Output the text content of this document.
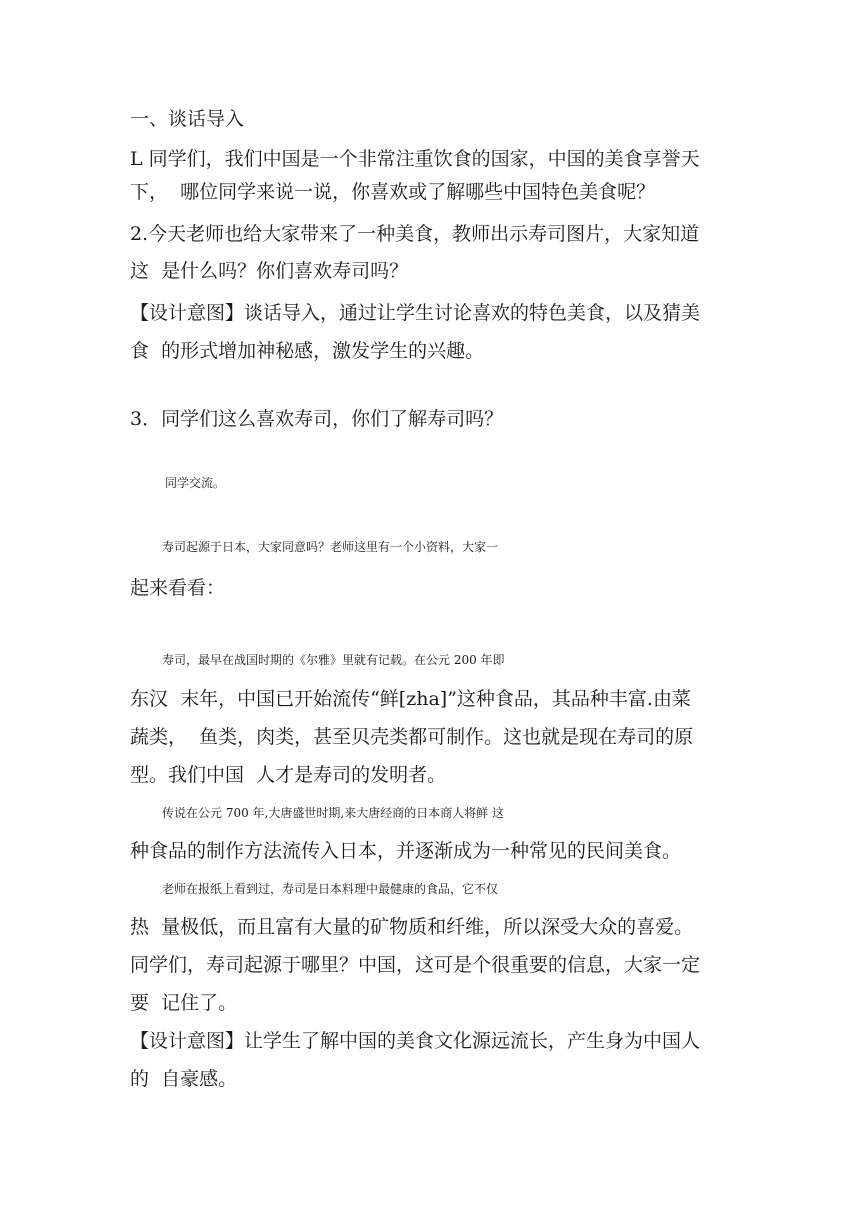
一、谈话导入
L 同学们，我们中国是一个非常注重饮食的国家，中国的美食享誉天
下，  哪位同学来说一说，你喜欢或了解哪些中国特色美食呢？
2.今天老师也给大家带来了一种美食，教师出示寿司图片，大家知道
这  是什么吗？你们喜欢寿司吗？
【设计意图】谈话导入，通过让学生讨论喜欢的特色美食，以及猜美
食  的形式增加神秘感，激发学生的兴趣。
3．同学们这么喜欢寿司，你们了解寿司吗？
同学交流。
寿司起源于日本，大家同意吗？老师这里有一个小资料，大家一
起来看看：
寿司，最早在战国时期的《尔雅》里就有记载。在公元 200 年即
东汉  末年，中国已开始流传“鲜[zha]”这种食品，其品种丰富.由菜
蔬类，  鱼类，肉类，甚至贝壳类都可制作。这也就是现在寿司的原
型。我们中国  人才是寿司的发明者。
传说在公元 700 年,大唐盛世时期,来大唐经商的日本商人将鲜 这
种食品的制作方法流传入日本，并逐渐成为一种常见的民间美食。
老师在报纸上看到过，寿司是日本料理中最健康的食品，它不仅
热  量极低，而且富有大量的矿物质和纤维，所以深受大众的喜爱。
同学们，寿司起源于哪里？中国，这可是个很重要的信息，大家一定
要  记住了。
【设计意图】让学生了解中国的美食文化源远流长，产生身为中国人
的  自豪感。
